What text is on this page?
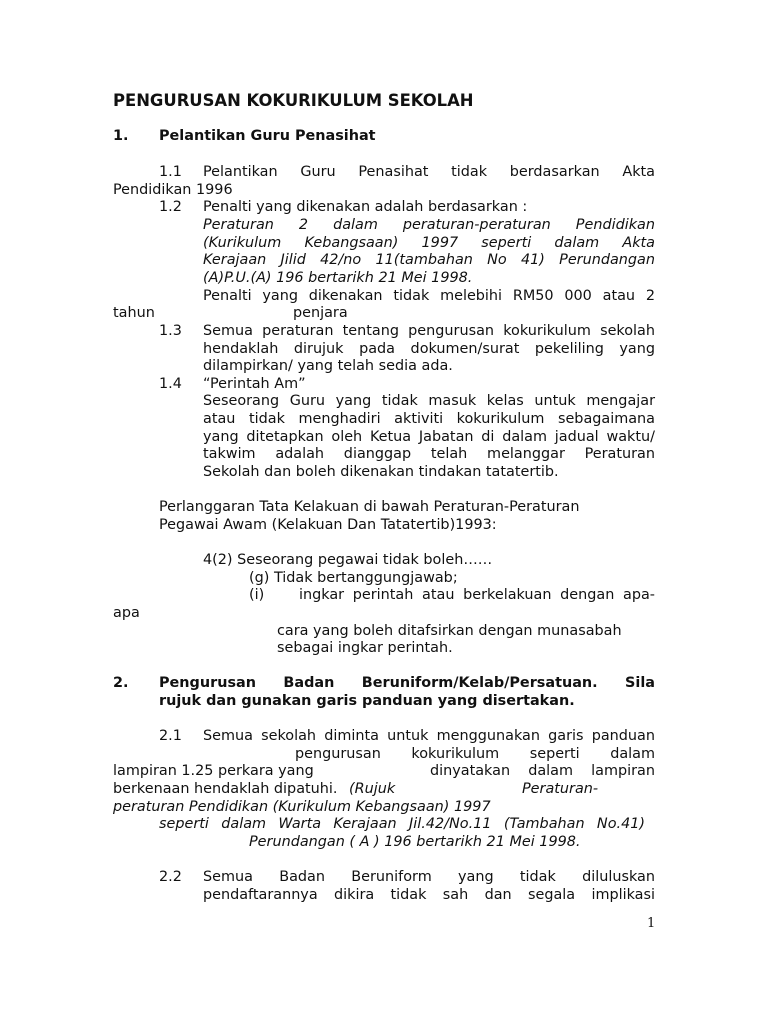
PENGURUSAN KOKURIKULUM SEKOLAH
1. Pelantikan Guru Penasihat
1.1 Pelantikan Guru Penasihat tidak berdasarkan Akta
Pendidikan 1996
1.2 Penalti yang dikenakan adalah berdasarkan :
Peraturan 2 dalam peraturan-peraturan Pendidikan
(Kurikulum Kebangsaan) 1997 seperti dalam Akta
Kerajaan Jilid 42/no 11(tambahan No 41) Perundangan
(A)P.U.(A) 196 bertarikh 21 Mei 1998.
Penalti yang dikenakan tidak melebihi RM50 000 atau 2
tahun	penjara
1.3 Semua peraturan tentang pengurusan kokurikulum sekolah
hendaklah dirujuk pada dokumen/surat pekeliling yang
dilampirkan/ yang telah sedia ada.
1.4 “Perintah Am”
Seseorang Guru yang tidak masuk kelas untuk mengajar
atau tidak menghadiri aktiviti kokurikulum sebagaimana
yang ditetapkan oleh Ketua Jabatan di dalam jadual waktu/
takwim adalah dianggap telah melanggar Peraturan
Sekolah dan boleh dikenakan tindakan tatatertib.
Perlanggaran Tata Kelakuan di bawah Peraturan-Peraturan
Pegawai Awam (Kelakuan Dan Tatatertib)1993:
4(2) Seseorang pegawai tidak boleh……
(g) Tidak bertanggungjawab;
(i)    ingkar perintah atau berkelakuan dengan apa-
apa
cara yang boleh ditafsirkan dengan munasabah
sebagai ingkar perintah.
2. Pengurusan Badan Beruniform/Kelab/Persatuan. Sila
rujuk dan gunakan garis panduan yang disertakan.
2.1 Semua sekolah diminta untuk menggunakan garis panduan
pengurusan kokurikulum seperti dalam
lampiran 1.25 perkara yang	dinyatakan dalam lampiran
berkenaan hendaklah dipatuhi. (Rujuk	Peraturan-
peraturan Pendidikan (Kurikulum Kebangsaan) 1997
seperti dalam Warta Kerajaan Jil.42/No.11 (Tambahan No.41)
Perundangan ( A ) 196 bertarikh 21 Mei 1998.
2.2 Semua Badan Beruniform yang tidak diluluskan
pendaftarannya dikira tidak sah dan segala implikasi
1
